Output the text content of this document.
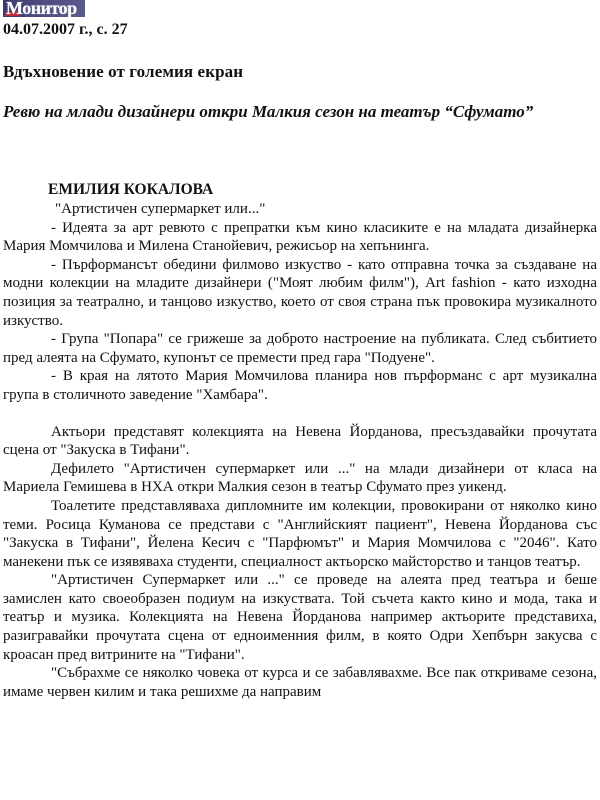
Монитор
04.07.2007 г., с. 27
Вдъхновение от големия екран
Ревю на млади дизайнери откри Малкия сезон на театър “Сфумато”

ЕМИЛИЯ КОКАЛОВА

"Артистичен супермаркет или..."

- Идеята за арт ревюто с препратки към кино класиките е на младата дизайнерка Мария Момчилова и Милена Станойевич, режисьор на хепънинга.

- Пърформансът обедини филмово изкуство - като отправна точка за създаване на модни колекции на младите дизайнери ("Моят любим филм"), Art fashion - като изходна позиция за театрално, и танцово изкуство, което от своя страна пък провокира музикалното изкуство.

- Група "Попара" се грижеше за доброто настроение на публиката. След събитието пред алеята на Сфумато, купонът се премести пред гара "Подуене".

- В края на лятото Мария Момчилова планира нов пърформанс с арт музикална група в столичното заведение "Хамбара".

Актьори представят колекцията на Невена Йорданова, пресъздавайки прочутата сцена от "Закуска в Тифани".

Дефилето "Артистичен супермаркет или ..." на млади дизайнери от класа на Мариела Гемишева в НХА откри Малкия сезон в театър Сфумато през уикенд.

Тоалетите представляваха дипломните им колекции, провокирани от няколко кино теми. Росица Куманова се представи с "Английският пациент", Невена Йорданова със "Закуска в Тифани", Йелена Кесич с "Парфюмът" и Мария Момчилова с "2046". Като манекени пък се изявяваха студенти, специалност актьорско майсторство и танцов театър.

"Артистичен Супермаркет или ..." се проведе на алеята пред театъра и беше замислен като своеобразен подиум на изкуствата. Той съчета както кино и мода, така и театър и музика. Колекцията на Невена Йорданова например актьорите представиха, разигравайки прочутата сцена от едноименния филм, в която Одри Хепбърн закусва с кроасан пред витрините на "Тифани".

"Събрахме се няколко човека от курса и се забавлявахме. Все пак откриваме сезона, имаме червен килим и така решихме да направим
